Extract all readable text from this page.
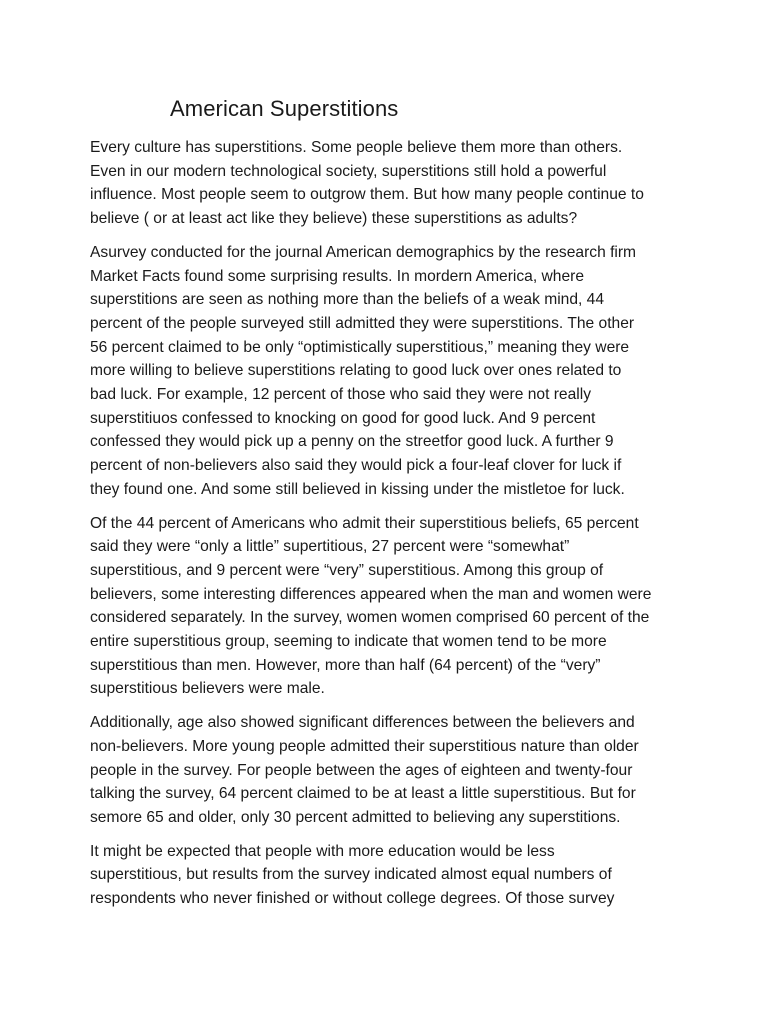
American Superstitions

Every culture has superstitions. Some people believe them more than others.
Even in our modern technological society, superstitions still hold a powerful
influence. Most people seem to outgrow them. But how many people continue to
believe ( or at least act like they believe) these superstitions as adults?

Asurvey conducted for the journal American demographics by the research firm
Market Facts found some surprising results. In mordern America, where
superstitions are seen as nothing more than the beliefs of a weak mind, 44
percent of the people surveyed still admitted they were superstitions. The other
56 percent claimed to be only “optimistically superstitious,” meaning they were
more willing to believe superstitions relating to good luck over ones related to
bad luck. For example, 12 percent of those who said they were not really
superstitiuos confessed to knocking on good for good luck. And 9 percent
confessed they would pick up a penny on the streetfor good luck. A further 9
percent of non-believers also said they would pick a four-leaf clover for luck if
they found one. And some still believed in kissing under the mistletoe for luck.

Of the 44 percent of Americans who admit their superstitious beliefs, 65 percent
said they were “only a little” supertitious, 27 percent were “somewhat”
superstitious, and 9 percent were “very” superstitious. Among this group of
believers, some interesting differences appeared when the man and women were
considered separately. In the survey, women women comprised 60 percent of the
entire superstitious group, seeming to indicate that women tend to be more
superstitious than men. However, more than half (64 percent) of the “very”
superstitious believers were male.

Additionally, age also showed significant differences between the believers and
non-believers. More young people admitted their superstitious nature than older
people in the survey. For people between the ages of eighteen and twenty-four
talking the survey, 64 percent claimed to be at least a little superstitious. But for
semore 65 and older, only 30 percent admitted to believing any superstitions.

It might be expected that people with more education would be less
superstitious, but results from the survey indicated almost equal numbers of
respondents who never finished or without college degrees. Of those survey
